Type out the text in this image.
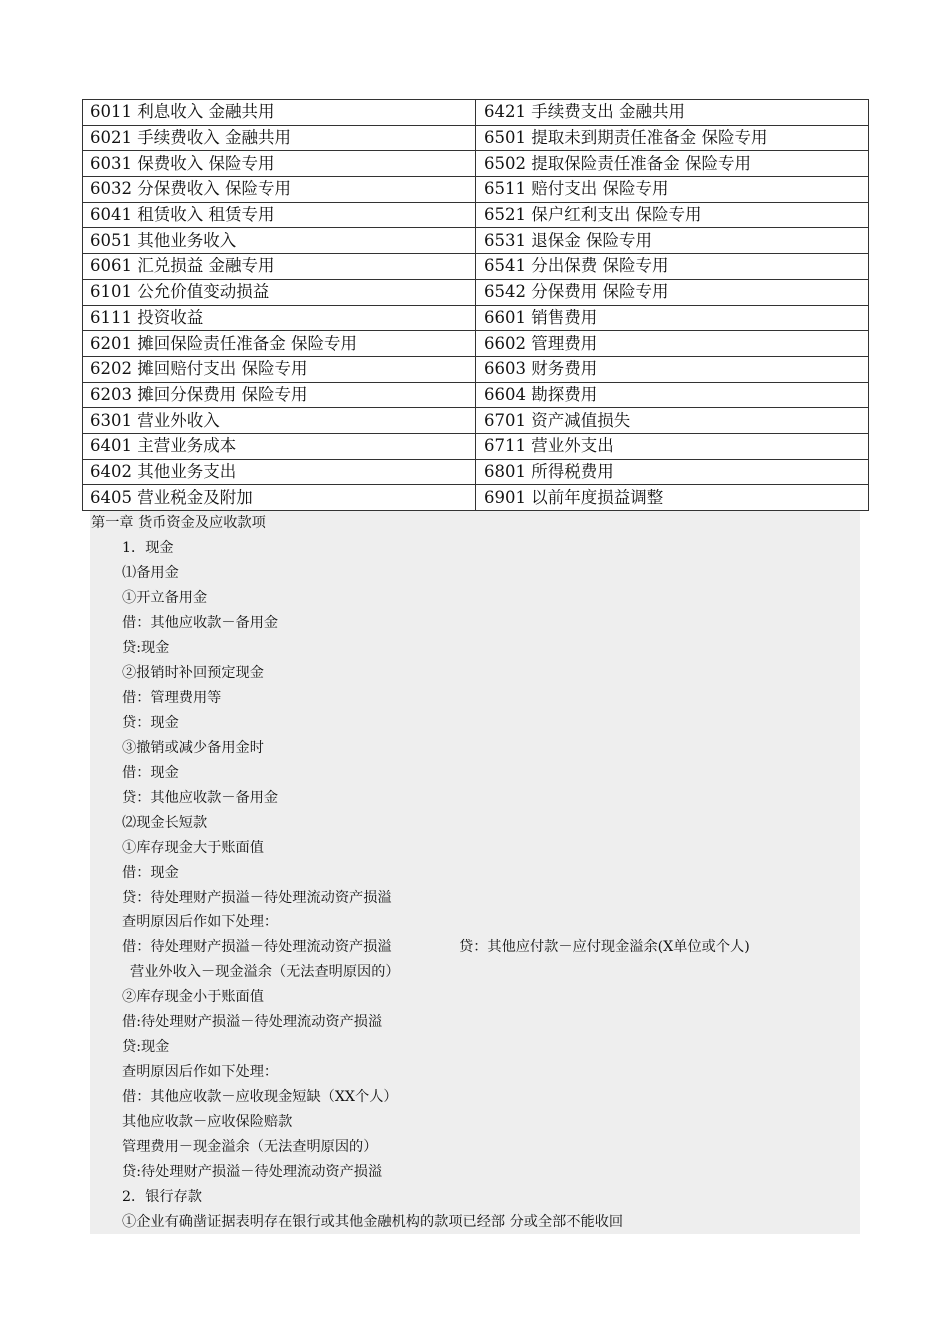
6011 利息收入 金融共用	6421 手续费支出 金融共用
6021 手续费收入 金融共用	6501 提取未到期责任准备金 保险专用
6031 保费收入 保险专用	6502 提取保险责任准备金 保险专用
6032 分保费收入 保险专用	6511 赔付支出 保险专用
6041 租赁收入 租赁专用	6521 保户红利支出 保险专用
6051 其他业务收入	6531 退保金 保险专用
6061 汇兑损益 金融专用	6541 分出保费 保险专用
6101 公允价值变动损益	6542 分保费用 保险专用
6111 投资收益	6601 销售费用
6201 摊回保险责任准备金 保险专用	6602 管理费用
6202 摊回赔付支出 保险专用	6603 财务费用
6203 摊回分保费用 保险专用	6604 勘探费用
6301 营业外收入	6701 资产减值损失
6401 主营业务成本	6711 营业外支出
6402 其他业务支出	6801 所得税费用
6405 营业税金及附加	6901 以前年度损益调整
第一章 货币资金及应收款项
1．现金
⑴备用金
①开立备用金
借：其他应收款－备用金
贷:现金
②报销时补回预定现金
借：管理费用等
贷：现金
③撤销或减少备用金时
借：现金
贷：其他应收款－备用金
⑵现金长短款
①库存现金大于账面值
借：现金
贷：待处理财产损溢－待处理流动资产损溢
查明原因后作如下处理：
借：待处理财产损溢－待处理流动资产损溢	贷：其他应付款－应付现金溢余(X单位或个人)
营业外收入－现金溢余（无法查明原因的）
②库存现金小于账面值
借:待处理财产损溢－待处理流动资产损溢
贷:现金
查明原因后作如下处理：
借：其他应收款－应收现金短缺（XX个人）
其他应收款－应收保险赔款
管理费用－现金溢余（无法查明原因的）
贷:待处理财产损溢－待处理流动资产损溢
2．银行存款
①企业有确凿证据表明存在银行或其他金融机构的款项已经部 分或全部不能收回
